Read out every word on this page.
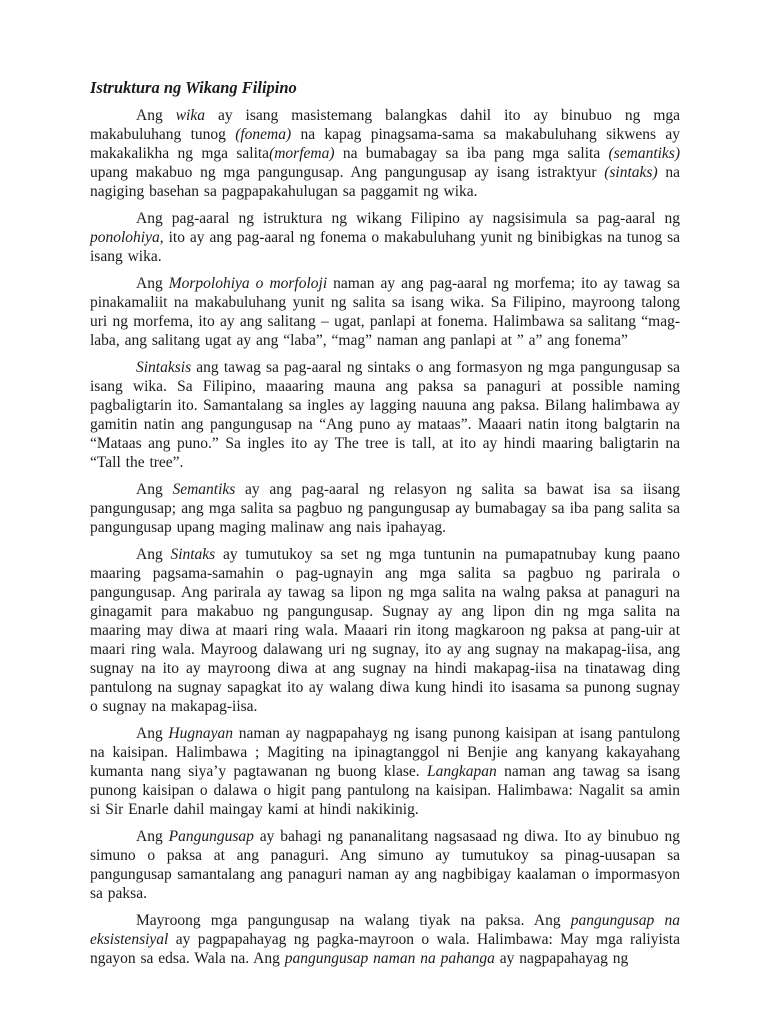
Istruktura ng Wikang Filipino

Ang wika ay isang masistemang balangkas dahil ito ay binubuo ng mga makabuluhang tunog (fonema) na kapag pinagsama-sama sa makabuluhang sikwens ay makakalikha ng mga salita(morfema) na bumabagay sa iba pang mga salita (semantiks) upang makabuo ng mga pangungusap. Ang pangungusap ay isang istraktyur (sintaks) na nagiging basehan sa pagpapakahulugan sa paggamit ng wika.

Ang pag-aaral ng istruktura ng wikang Filipino ay nagsisimula sa pag-aaral ng ponolohiya, ito ay ang pag-aaral ng fonema o makabuluhang yunit ng binibigkas na tunog sa isang wika.

Ang Morpolohiya o morfoloji naman ay ang pag-aaral ng morfema; ito ay tawag sa pinakamaliit na makabuluhang yunit ng salita sa isang wika. Sa Filipino, mayroong talong uri ng morfema, ito ay ang salitang – ugat, panlapi at fonema. Halimbawa sa salitang “mag-laba, ang salitang ugat ay ang “laba”, “mag” naman ang panlapi at ” a” ang fonema”

Sintaksis ang tawag sa pag-aaral ng sintaks o ang formasyon ng mga pangungusap sa isang wika. Sa Filipino, maaaring mauna ang paksa sa panaguri at possible naming pagbaligtarin ito. Samantalang sa ingles ay lagging nauuna ang paksa. Bilang halimbawa ay gamitin natin ang pangungusap na “Ang puno ay mataas”. Maaari natin itong balgtarin na “Mataas ang puno.” Sa ingles ito ay The tree is tall, at ito ay hindi maaring baligtarin na “Tall the tree”.

Ang Semantiks ay ang pag-aaral ng relasyon ng salita sa bawat isa sa iisang pangungusap; ang mga salita sa pagbuo ng pangungusap ay bumabagay sa iba pang salita sa pangungusap upang maging malinaw ang nais ipahayag.

Ang Sintaks ay tumutukoy sa set ng mga tuntunin na pumapatnubay kung paano maaring pagsama-samahin o pag-ugnayin ang mga salita sa pagbuo ng parirala o pangungusap. Ang parirala ay tawag sa lipon ng mga salita na walng paksa at panaguri na ginagamit para makabuo ng pangungusap. Sugnay ay ang lipon din ng mga salita na maaring may diwa at maari ring wala. Maaari rin itong magkaroon ng paksa at pang-uir at maari ring wala. Mayroog dalawang uri ng sugnay, ito ay ang sugnay na makapag-iisa, ang sugnay na ito ay mayroong diwa at ang sugnay na hindi makapag-iisa na tinatawag ding pantulong na sugnay sapagkat ito ay walang diwa kung hindi ito isasama sa punong sugnay o sugnay na makapag-iisa.

Ang Hugnayan naman ay nagpapahayg ng isang punong kaisipan at isang pantulong na kaisipan. Halimbawa ; Magiting na ipinagtanggol ni Benjie ang kanyang kakayahang kumanta nang siya’y pagtawanan ng buong klase. Langkapan naman ang tawag sa isang punong kaisipan o dalawa o higit pang pantulong na kaisipan. Halimbawa: Nagalit sa amin si Sir Enarle dahil maingay kami at hindi nakikinig.

Ang Pangungusap ay bahagi ng pananalitang nagsasaad ng diwa. Ito ay binubuo ng simuno o paksa at ang panaguri. Ang simuno ay tumutukoy sa pinag-uusapan sa pangungusap samantalang ang panaguri naman ay ang nagbibigay kaalaman o impormasyon sa paksa.

Mayroong mga pangungusap na walang tiyak na paksa. Ang pangungusap na eksistensiyal ay pagpapahayag ng pagka-mayroon o wala. Halimbawa: May mga raliyista ngayon sa edsa. Wala na. Ang pangungusap naman na pahanga ay nagpapahayag ng
